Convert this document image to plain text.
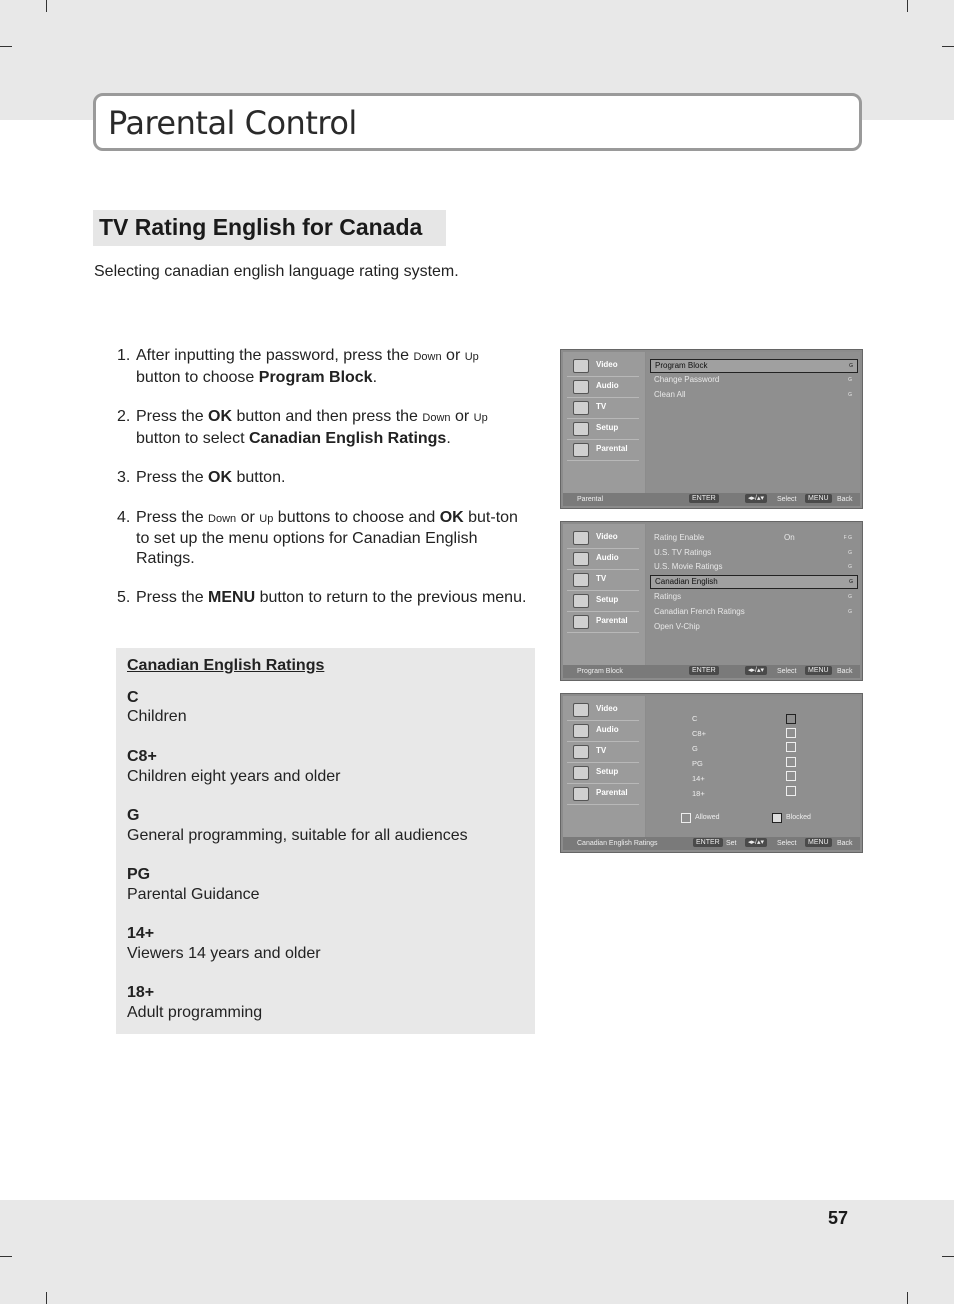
Parental Control
TV Rating English for Canada
Selecting canadian english language rating system.
1. After inputting the password, press the Down or Up button to choose Program Block.
2. Press the OK button and then press the Down or Up button to select Canadian English Ratings.
3. Press the OK button.
4. Press the Down or Up buttons to choose and OK but-ton to set up the menu options for Canadian English Ratings.
5. Press the MENU button to return to the previous menu.
Canadian English Ratings
C
Children
C8+
Children eight years and older
G
General programming, suitable for all audiences
PG
Parental Guidance
14+
Viewers 14 years and older
18+
Adult programming
Video
Audio
TV
Setup
Parental
Program Block	G
Change Password	G
Clean All	G
Parental	ENTER	◂▸/▴▾	Select	MENU	Back
Video
Audio
TV
Setup
Parental
Rating Enable	On	F G
U.S. TV Ratings	G
U.S. Movie Ratings	G
Canadian English	G
Ratings	G
Canadian French Ratings	G
Open V-Chip
Program Block	ENTER	◂▸/▴▾	Select	MENU	Back
Video
Audio
TV
Setup
Parental
C
C8+
G
PG
14+
18+
Allowed	Blocked
Canadian English Ratings	ENTER Set	◂▸/▴▾	Select	MENU	Back
57
